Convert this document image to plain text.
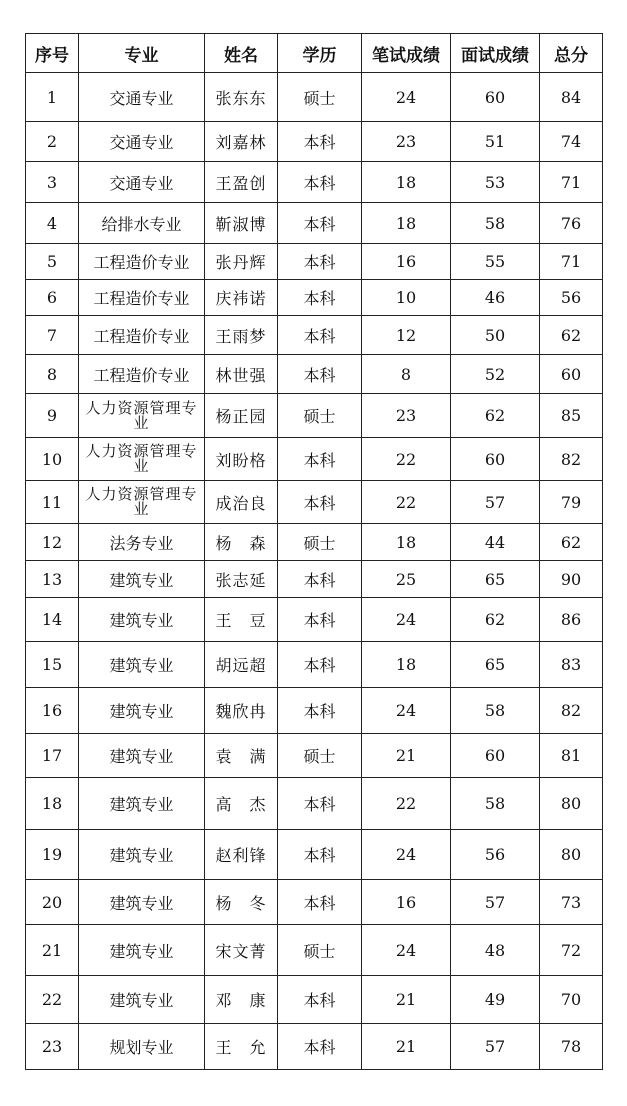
序号	专业	姓名	学历	笔试成绩	面试成绩	总分
1	交通专业	张东东	硕士	24	60	84
2	交通专业	刘嘉林	本科	23	51	74
3	交通专业	王盈创	本科	18	53	71
4	给排水专业	靳淑博	本科	18	58	76
5	工程造价专业	张丹辉	本科	16	55	71
6	工程造价专业	庆祎诺	本科	10	46	56
7	工程造价专业	王雨梦	本科	12	50	62
8	工程造价专业	林世强	本科	8	52	60
9	人力资源管理专业	杨正园	硕士	23	62	85
10	人力资源管理专业	刘盼格	本科	22	60	82
11	人力资源管理专业	成治良	本科	22	57	79
12	法务专业	杨　森	硕士	18	44	62
13	建筑专业	张志延	本科	25	65	90
14	建筑专业	王　豆	本科	24	62	86
15	建筑专业	胡远超	本科	18	65	83
16	建筑专业	魏欣冉	本科	24	58	82
17	建筑专业	袁　满	硕士	21	60	81
18	建筑专业	高　杰	本科	22	58	80
19	建筑专业	赵利锋	本科	24	56	80
20	建筑专业	杨　冬	本科	16	57	73
21	建筑专业	宋文菁	硕士	24	48	72
22	建筑专业	邓　康	本科	21	49	70
23	规划专业	王　允	本科	21	57	78
